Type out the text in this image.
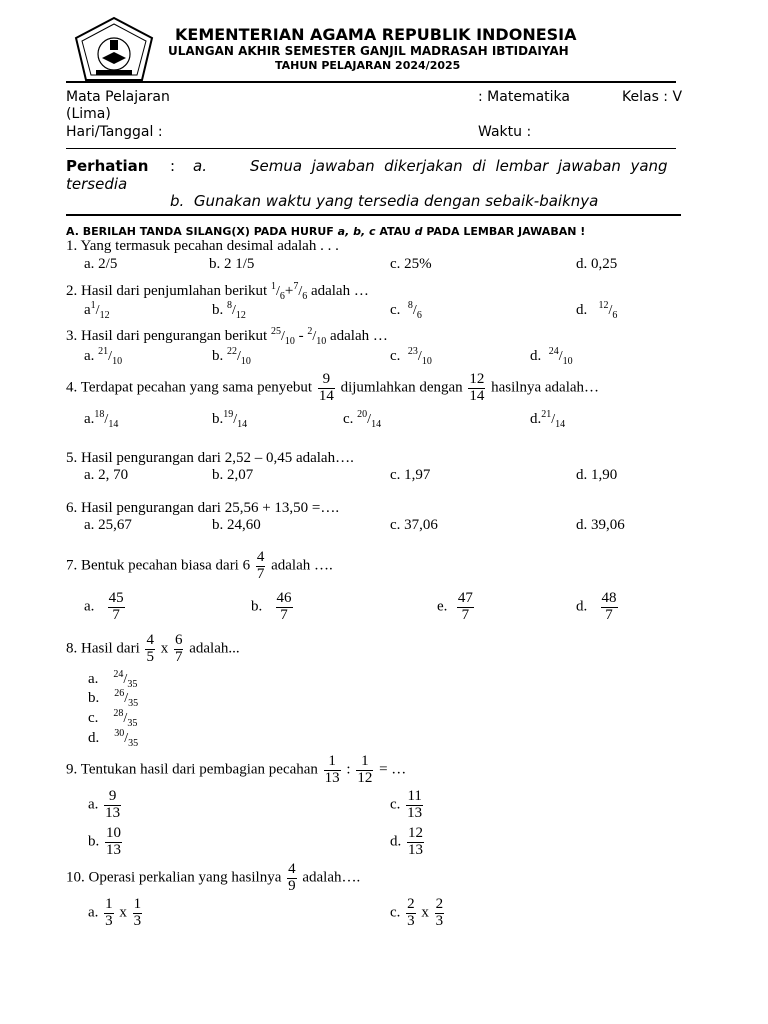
KEMENTERIAN AGAMA REPUBLIK INDONESIA
ULANGAN AKHIR SEMESTER GANJIL MADRASAH IBTIDAIYAH
TAHUN PELAJARAN 2024/2025
Mata Pelajaran	: Matematika	Kelas : V
(Lima)
Hari/Tanggal :	Waktu :
Perhatian : a.	Semua  jawaban  dikerjakan  di  lembar  jawaban  yang
tersedia
b.  Gunakan waktu yang tersedia dengan sebaik-baiknya
A. BERILAH TANDA SILANG(X) PADA HURUF a, b, c ATAU d PADA LEMBAR JAWABAN !
1. Yang termasuk pecahan desimal adalah . . .
a. 2/5	b. 2 1/5	c. 25%	d. 0,25
2. Hasil dari penjumlahan berikut $^1/_6+^7/_6$ adalah …
$a^1/_{12}$	b. $^8/_{12}$	c. $^8/_6$	d. $^{12}/_6$
3. Hasil dari pengurangan berikut $^{25}/_{10} - ^2/_{10}$ adalah …
a. $^{21}/_{10}$	b. $^{22}/_{10}$	c. $^{23}/_{10}$	d. $^{24}/_{10}$
4. Terdapat pecahan yang sama penyebut $\frac{9}{14}$ dijumlahkan dengan $\frac{12}{14}$ hasilnya adalah…
$a.^{18}/_{14}$	$b.^{19}/_{14}$	c. $^{20}/_{14}$	$d.^{21}/_{14}$
5. Hasil pengurangan dari 2,52 – 0,45 adalah….
a. 2, 70	b. 2,07	c. 1,97	d. 1,90
6. Hasil pengurangan dari 25,56 + 13,50 =….
a. 25,67	b. 24,60	c. 37,06	d. 39,06
7. Bentuk pecahan biasa dari $6 \frac{4}{7}$ adalah ….
a. $\frac{45}{7}$	b. $\frac{46}{7}$	e. $\frac{47}{7}$	d. $\frac{48}{7}$
8. Hasil dari $\frac{4}{5}$ x $\frac{6}{7}$ adalah...
a. $^{24}/_{35}$
b. $^{26}/_{35}$
c. $^{28}/_{35}$
d. $^{30}/_{35}$
9. Tentukan hasil dari pembagian pecahan $\frac{1}{13}$ : $\frac{1}{12}$ = …
a. $\frac{9}{13}$	c. $\frac{11}{13}$
b. $\frac{10}{13}$	d. $\frac{12}{13}$
10. Operasi perkalian yang hasilnya $\frac{4}{9}$ adalah….
a. $\frac{1}{3}$ x $\frac{1}{3}$	c. $\frac{2}{3}$ x $\frac{2}{3}$
